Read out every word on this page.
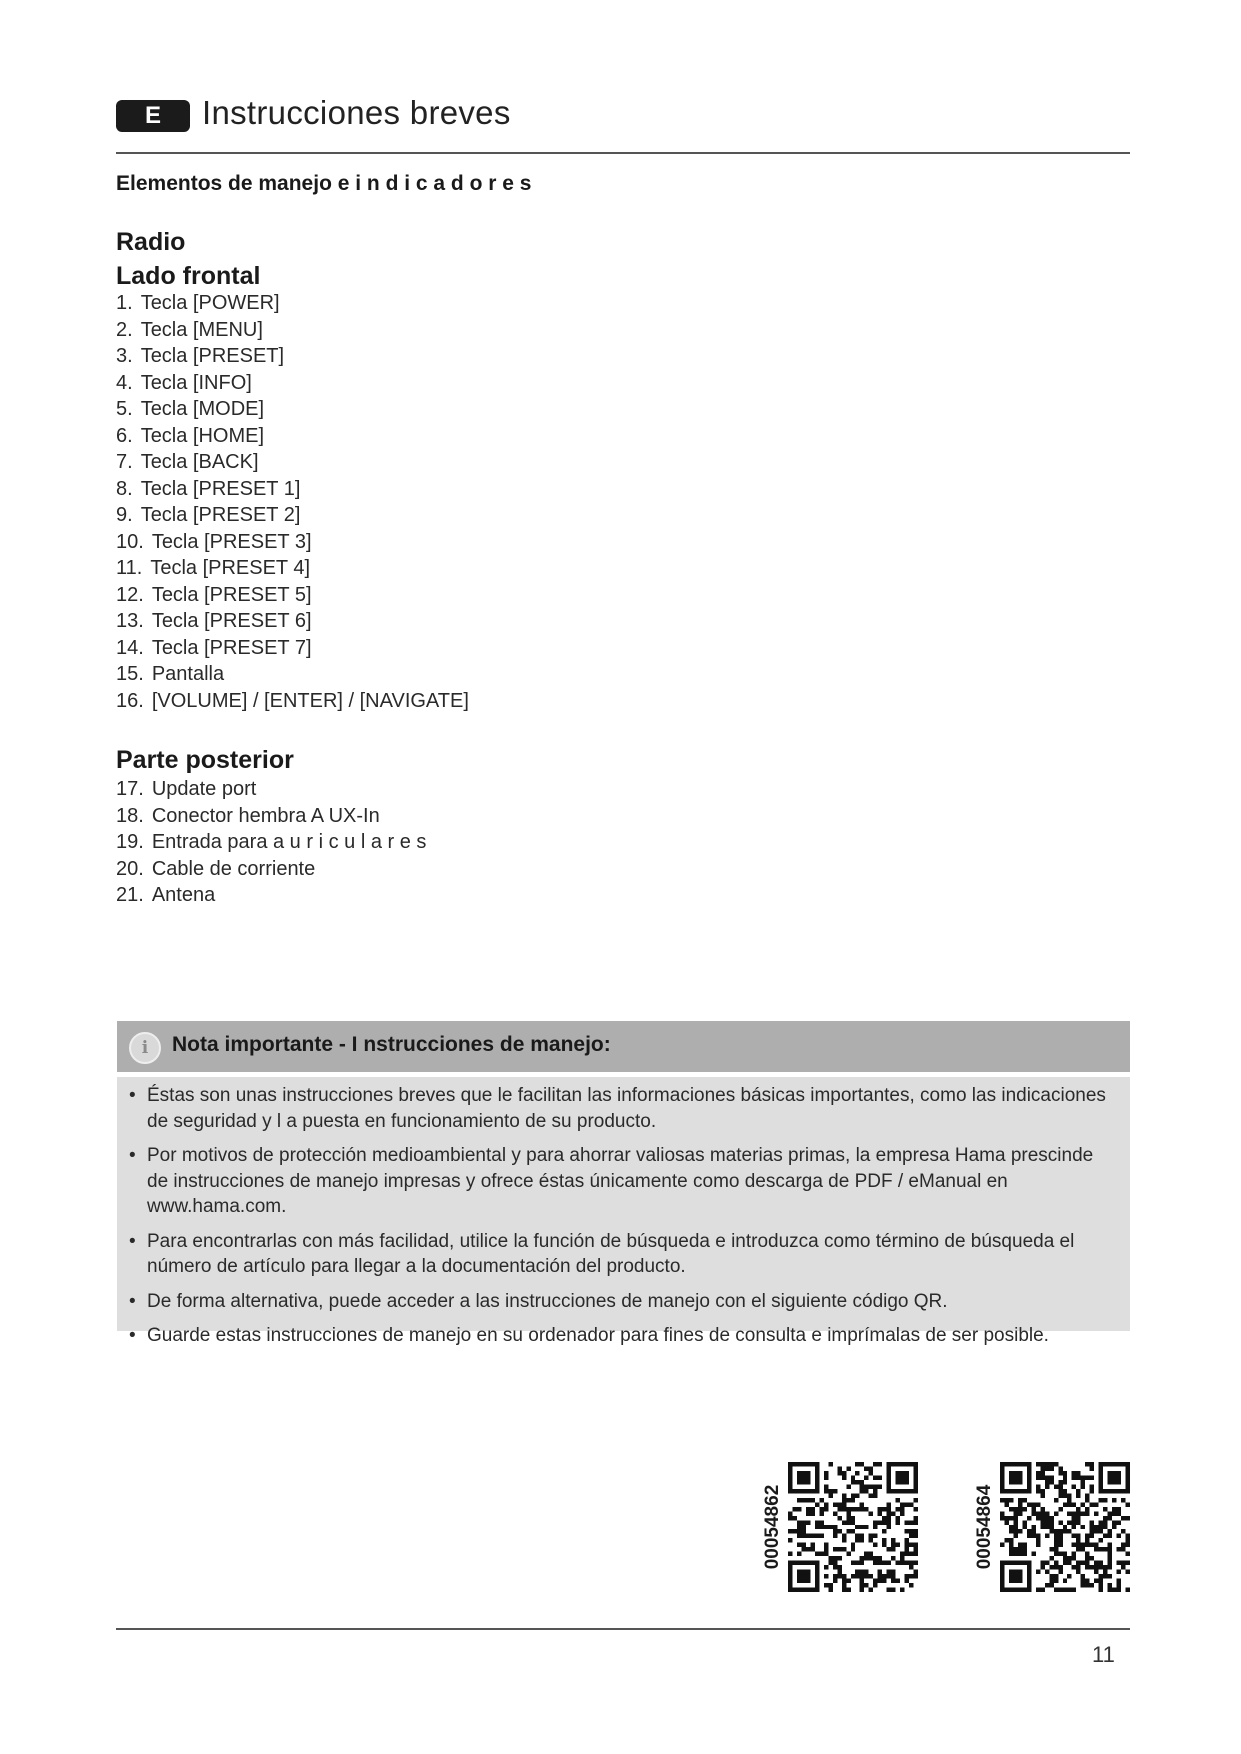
E	Instrucciones breves
Elementos de manejo e i n d i c a d o r e s
Radio
Lado frontal
1. Tecla [POWER]
2. Tecla [MENU]
3. Tecla [PRESET]
4. Tecla [INFO]
5. Tecla [MODE]
6. Tecla [HOME]
7. Tecla [BACK]
8. Tecla [PRESET 1]
9. Tecla [PRESET 2]
10. Tecla [PRESET 3]
11. Tecla [PRESET 4]
12. Tecla [PRESET 5]
13. Tecla [PRESET 6]
14. Tecla [PRESET 7]
15. Pantalla
16. [VOLUME] / [ENTER] / [NAVIGATE]
Parte posterior
17. Update port
18. Conector hembra A UX-In
19. Entrada para a u r i c u l a r e s
20. Cable de corriente
21. Antena
i	Nota importante - I nstrucciones de manejo:
• Éstas son unas instrucciones breves que le facilitan las informaciones básicas importantes, como las indicaciones de seguridad y l a puesta en funcionamiento de su producto.
• Por motivos de protección medioambiental y para ahorrar valiosas materias primas, la empresa Hama prescinde de instrucciones de manejo impresas y ofrece éstas únicamente como descarga de PDF / eManual en www.hama.com.
• Para encontrarlas con más facilidad, utilice la función de búsqueda e introduzca como término de búsqueda el número de artículo para llegar a la documentación del producto.
• De forma alternativa, puede acceder a las instrucciones de manejo con el siguiente código QR.
• Guarde estas instrucciones de manejo en su ordenador para fines de consulta e imprímalas de ser posible.
00054862	00054864
11
